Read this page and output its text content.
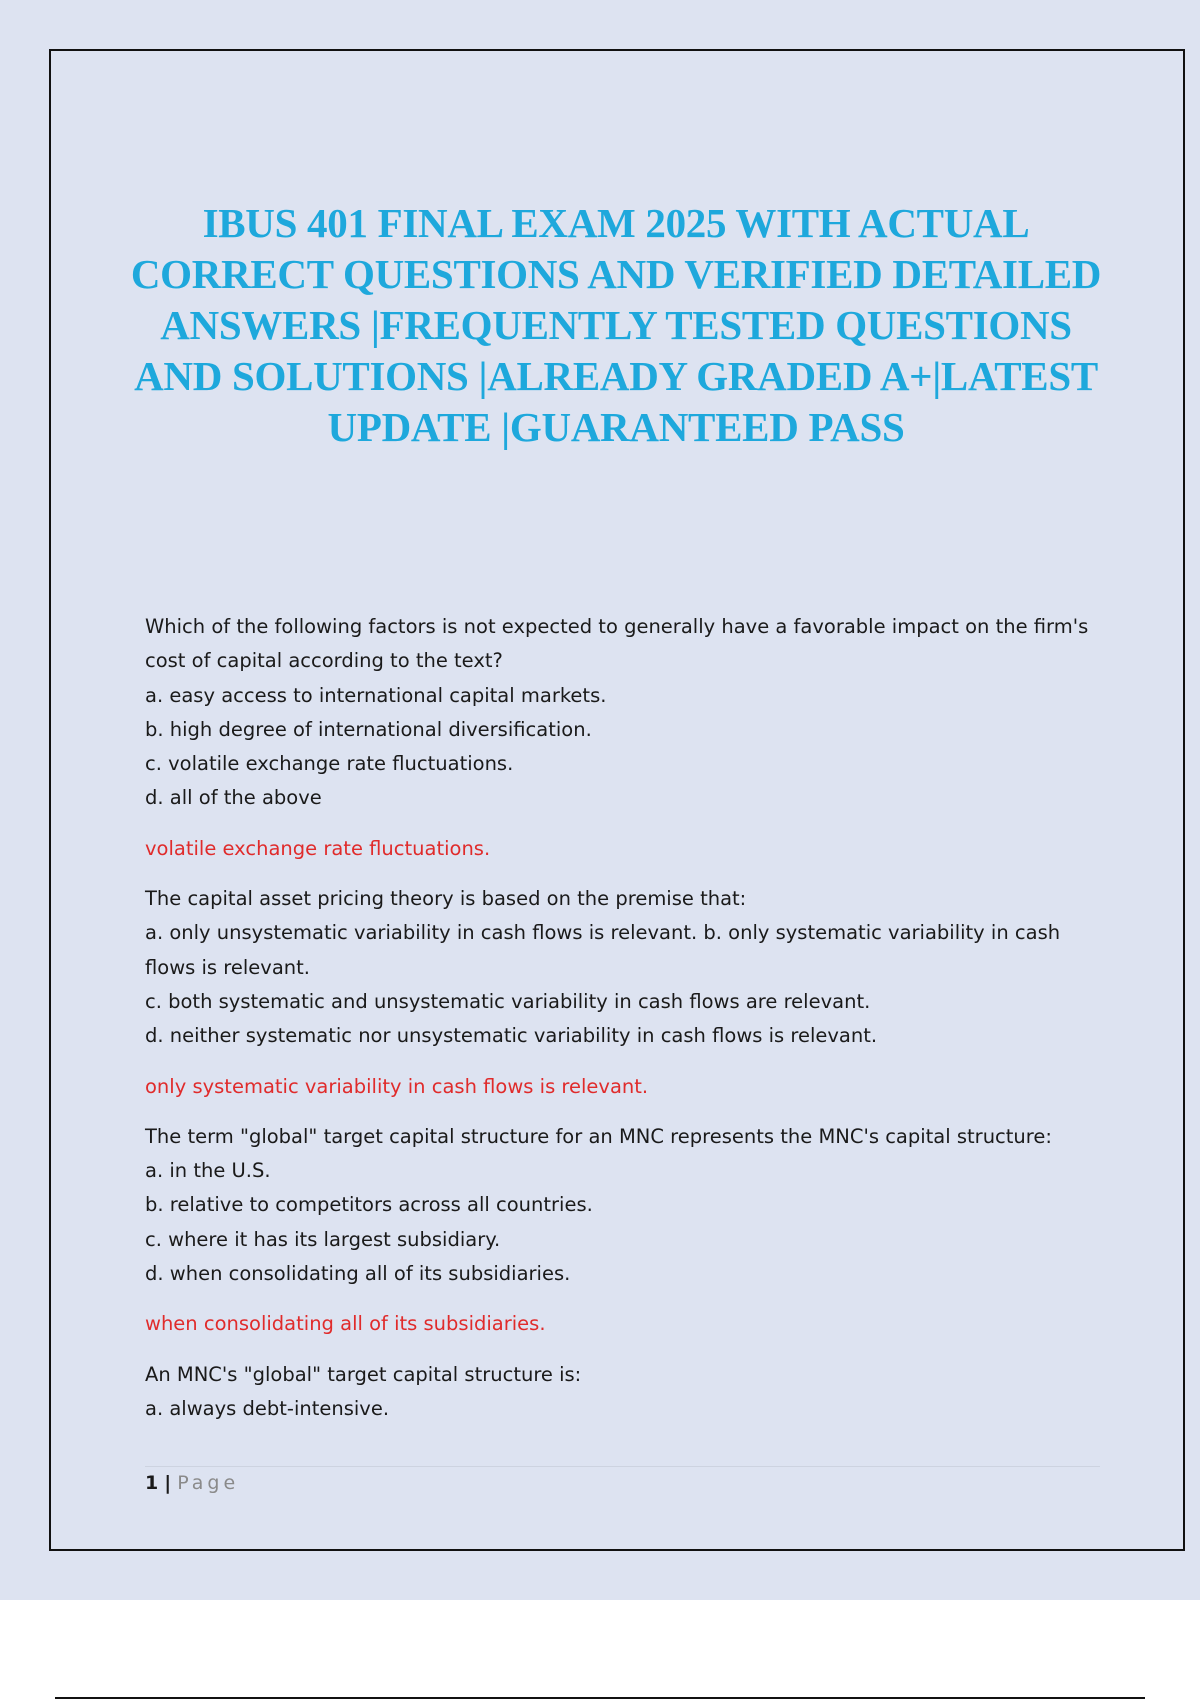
IBUS 401 FINAL EXAM 2025 WITH ACTUAL CORRECT QUESTIONS AND VERIFIED DETAILED ANSWERS |FREQUENTLY TESTED QUESTIONS AND SOLUTIONS |ALREADY GRADED A+|LATEST UPDATE |GUARANTEED PASS
Which of the following factors is not expected to generally have a favorable impact on the firm's
cost of capital according to the text?
a. easy access to international capital markets.
b. high degree of international diversification.
c. volatile exchange rate fluctuations.
d. all of the above
volatile exchange rate fluctuations.
The capital asset pricing theory is based on the premise that:
a. only unsystematic variability in cash flows is relevant. b. only systematic variability in cash
flows is relevant.
c. both systematic and unsystematic variability in cash flows are relevant.
d. neither systematic nor unsystematic variability in cash flows is relevant.
only systematic variability in cash flows is relevant.
The term "global" target capital structure for an MNC represents the MNC's capital structure:
a. in the U.S.
b. relative to competitors across all countries.
c. where it has its largest subsidiary.
d. when consolidating all of its subsidiaries.
when consolidating all of its subsidiaries.
An MNC's "global" target capital structure is:
a. always debt-intensive.
1 | Page
